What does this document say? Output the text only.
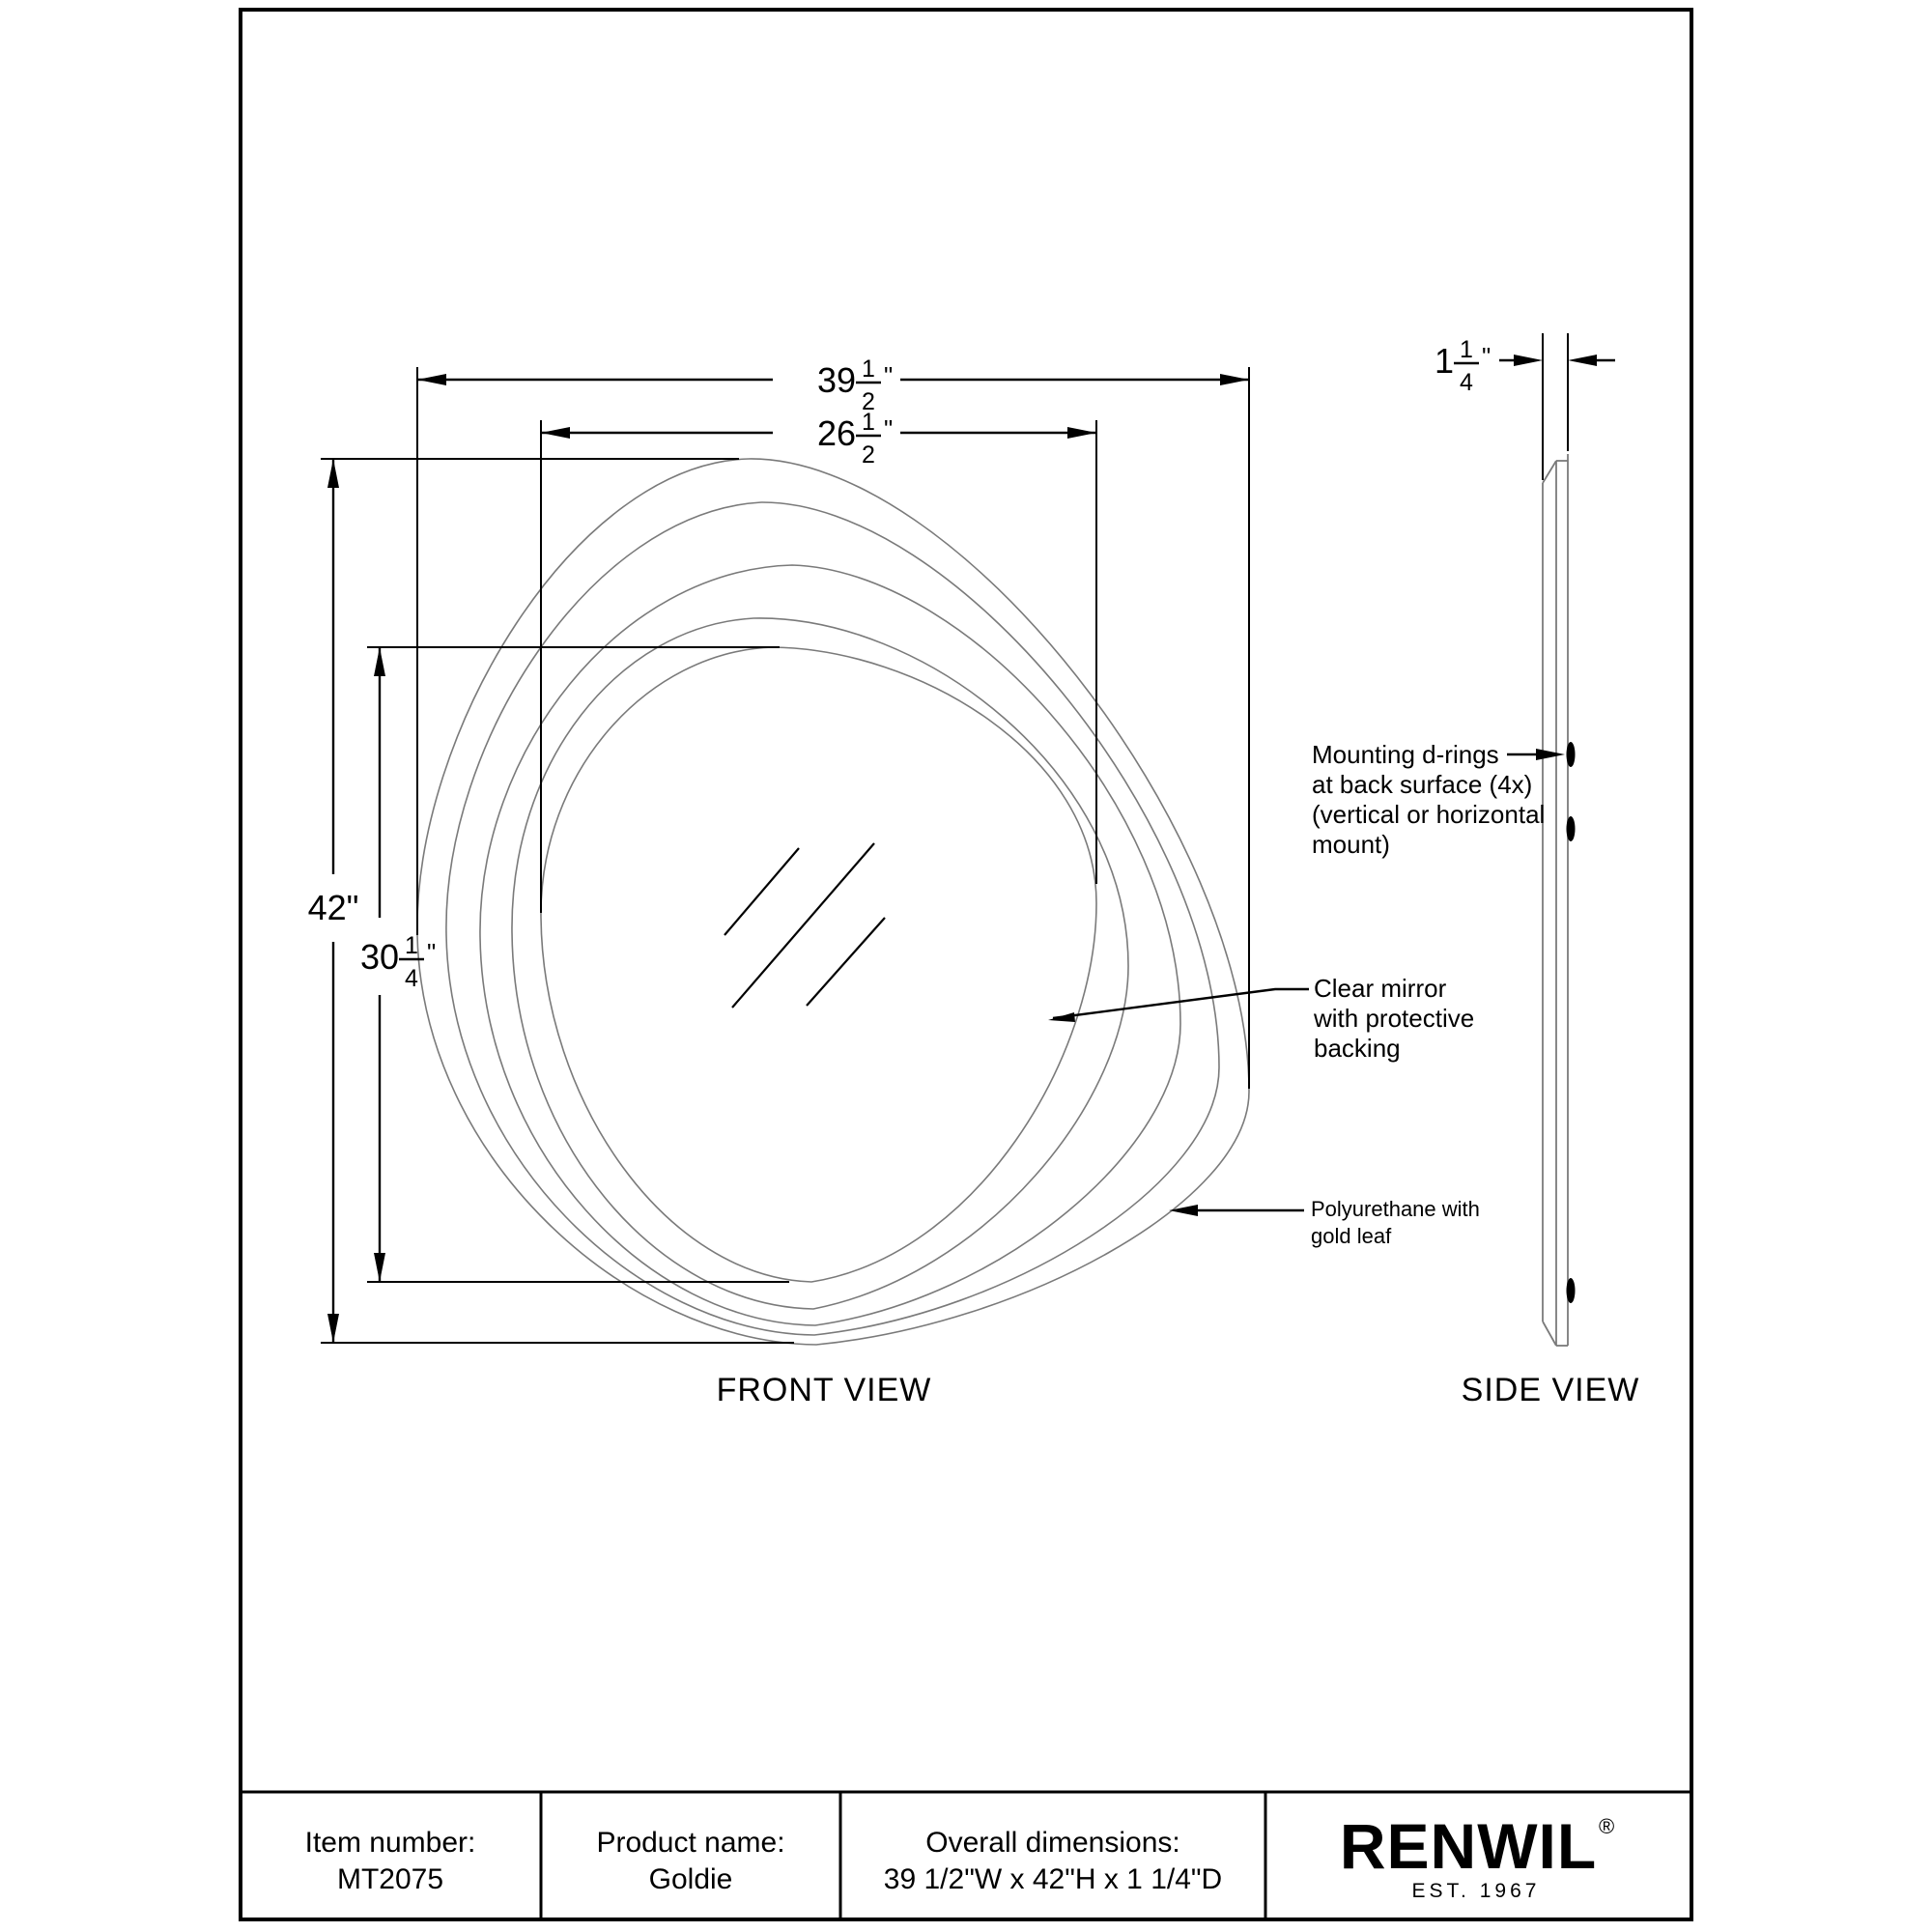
39 1
2
"
26 1
2
"
42"
30 1
4
"
1 1
4
"
Mounting d-rings
at back surface (4x)
(vertical or horizontal
mount)
Clear mirror
with protective
backing
Polyurethane with
gold leaf
FRONT VIEW	SIDE VIEW
Item number:
MT2075
Product name:
Goldie
Overall dimensions:
39 1/2"W x 42"H x 1 1/4"D RENWIL ®
EST. 1967
